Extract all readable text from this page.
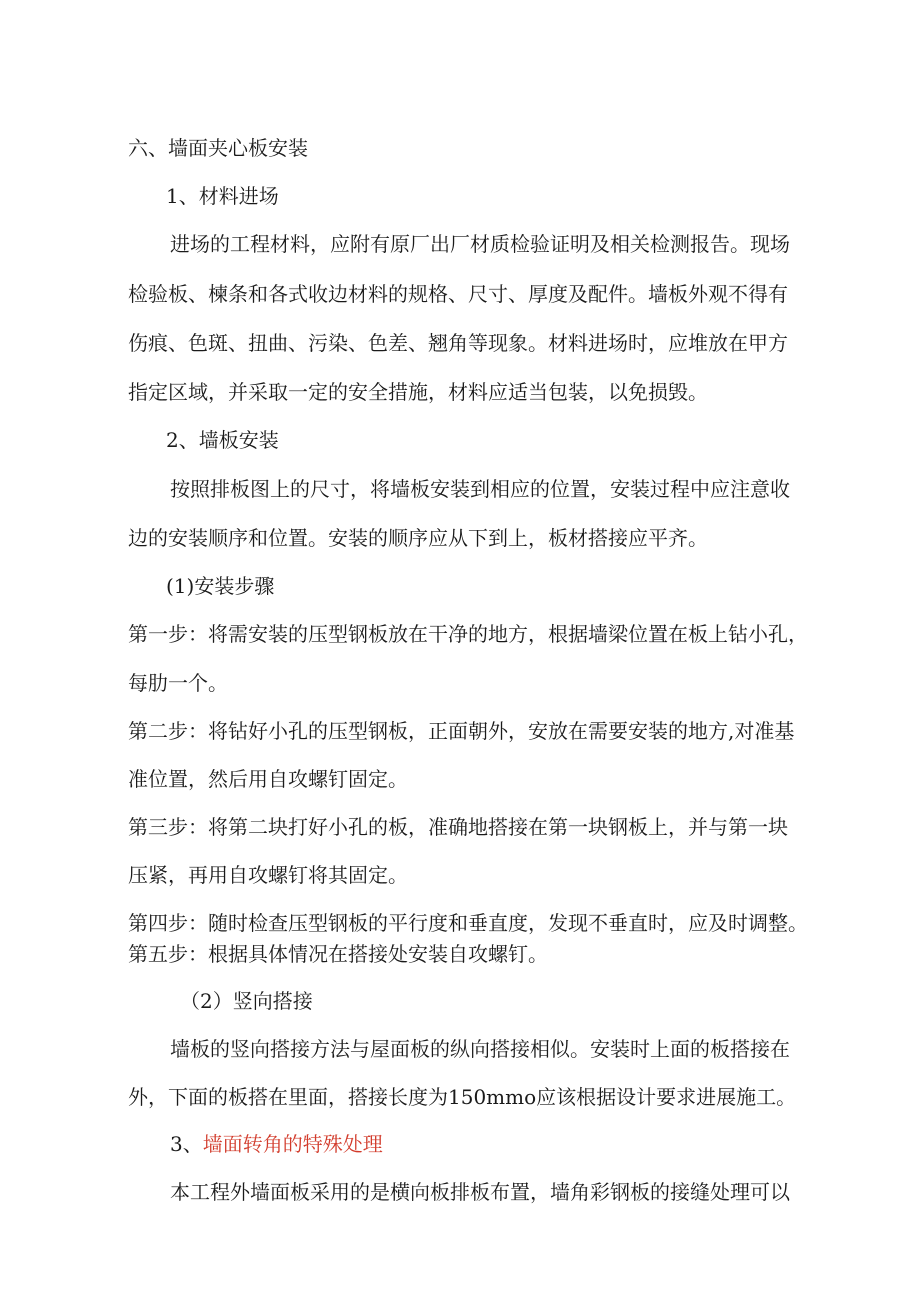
六、墙面夹心板安装

1、材料进场

进场的工程材料，应附有原厂出厂材质检验证明及相关检测报告。现场

检验板、楝条和各式收边材料的规格、尺寸、厚度及配件。墙板外观不得有

伤痕、色斑、扭曲、污染、色差、翘角等现象。材料进场时，应堆放在甲方

指定区域，并采取一定的安全措施，材料应适当包装，以免损毁。

2、墙板安装

按照排板图上的尺寸，将墙板安装到相应的位置，安装过程中应注意收

边的安装顺序和位置。安装的顺序应从下到上，板材搭接应平齐。

(1)安装步骤

第一步：将需安装的压型钢板放在干净的地方，根据墙梁位置在板上钻小孔，

每肋一个。

第二步：将钻好小孔的压型钢板，正面朝外，安放在需要安装的地方,对准基

准位置，然后用自攻螺钉固定。

第三步：将第二块打好小孔的板，准确地搭接在第一块钢板上，并与第一块

压紧，再用自攻螺钉将其固定。

第四步：随时检查压型钢板的平行度和垂直度，发现不垂直时，应及时调整。

第五步：根据具体情况在搭接处安装自攻螺钉。

（2）竖向搭接

墙板的竖向搭接方法与屋面板的纵向搭接相似。安装时上面的板搭接在

外，下面的板搭在里面，搭接长度为150mmo应该根据设计要求进展施工。

3、墙面转角的特殊处理

本工程外墙面板采用的是横向板排板布置，墙角彩钢板的接缝处理可以
